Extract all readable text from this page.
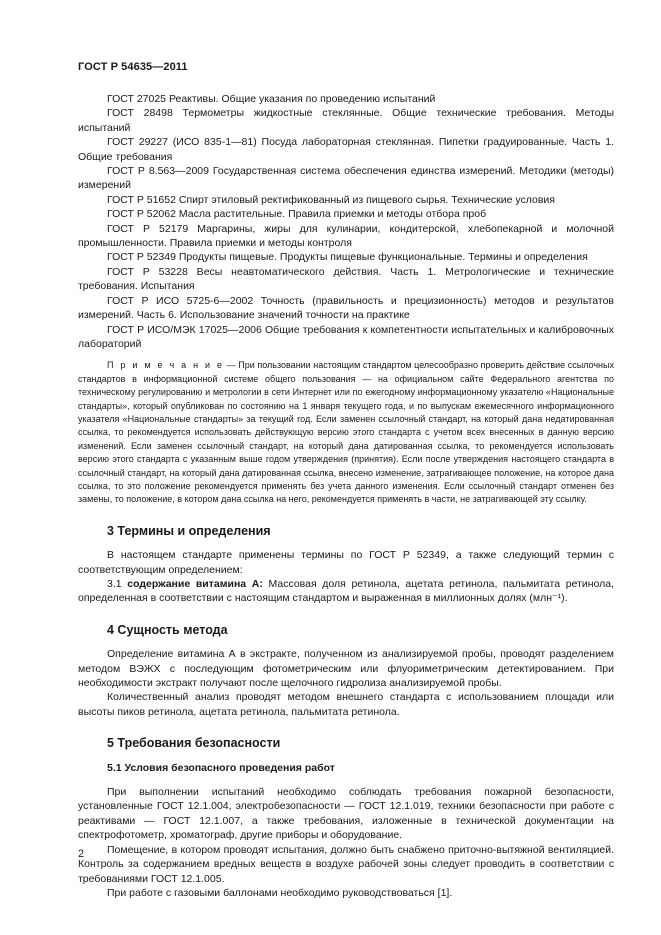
ГОСТ Р 54635—2011

ГОСТ 27025 Реактивы. Общие указания по проведению испытаний

ГОСТ 28498 Термометры жидкостные стеклянные. Общие технические требования. Методы испытаний

ГОСТ 29227 (ИСО 835-1—81) Посуда лабораторная стеклянная. Пипетки градуированные. Часть 1. Общие требования

ГОСТ Р 8.563—2009 Государственная система обеспечения единства измерений. Методики (методы) измерений

ГОСТ Р 51652 Спирт этиловый ректификованный из пищевого сырья. Технические условия

ГОСТ Р 52062 Масла растительные. Правила приемки и методы отбора проб

ГОСТ Р 52179 Маргарины, жиры для кулинарии, кондитерской, хлебопекарной и молочной промышленности. Правила приемки и методы контроля

ГОСТ Р 52349 Продукты пищевые. Продукты пищевые функциональные. Термины и определения

ГОСТ Р 53228 Весы неавтоматического действия. Часть 1. Метрологические и технические требования. Испытания

ГОСТ Р ИСО 5725-6—2002 Точность (правильность и прецизионность) методов и результатов измерений. Часть 6. Использование значений точности на практике

ГОСТ Р ИСО/МЭК 17025—2006 Общие требования к компетентности испытательных и калибровочных лабораторий

П р и м е ч а н и е — При пользовании настоящим стандартом целесообразно проверить действие ссылочных стандартов в информационной системе общего пользования — на официальном сайте Федерального агентства по техническому регулированию и метрологии в сети Интернет или по ежегодному информационному указателю «Национальные стандарты», который опубликован по состоянию на 1 января текущего года, и по выпускам ежемесячного информационного указателя «Национальные стандарты» за текущий год. Если заменен ссылочный стандарт, на который дана недатированная ссылка, то рекомендуется использовать действующую версию этого стандарта с учетом всех внесенных в данную версию изменений. Если заменен ссылочный стандарт, на который дана датированная ссылка, то рекомендуется использовать версию этого стандарта с указанным выше годом утверждения (принятия). Если после утверждения настоящего стандарта в ссылочный стандарт, на который дана датированная ссылка, внесено изменение, затрагивающее положение, на которое дана ссылка, то это положение рекомендуется применять без учета данного изменения. Если ссылочный стандарт отменен без замены, то положение, в котором дана ссылка на него, рекомендуется применять в части, не затрагивающей эту ссылку.

3 Термины и определения

В настоящем стандарте применены термины по ГОСТ Р 52349, а также следующий термин с соответствующим определением:

3.1 содержание витамина А: Массовая доля ретинола, ацетата ретинола, пальмитата ретинола, определенная в соответствии с настоящим стандартом и выраженная в миллионных долях (млн⁻¹).

4 Сущность метода

Определение витамина А в экстракте, полученном из анализируемой пробы, проводят разделением методом ВЭЖХ с последующим фотометрическим или флуориметрическим детектированием. При необходимости экстракт получают после щелочного гидролиза анализируемой пробы.

Количественный анализ проводят методом внешнего стандарта с использованием площади или высоты пиков ретинола, ацетата ретинола, пальмитата ретинола.

5 Требования безопасности

5.1 Условия безопасного проведения работ

При выполнении испытаний необходимо соблюдать требования пожарной безопасности, установленные ГОСТ 12.1.004, электробезопасности — ГОСТ 12.1.019, техники безопасности при работе с реактивами — ГОСТ 12.1.007, а также требования, изложенные в технической документации на спектрофотометр, хроматограф, другие приборы и оборудование.

Помещение, в котором проводят испытания, должно быть снабжено приточно-вытяжной вентиляцией. Контроль за содержанием вредных веществ в воздухе рабочей зоны следует проводить в соответствии с требованиями ГОСТ 12.1.005.

При работе с газовыми баллонами необходимо руководствоваться [1].

2
